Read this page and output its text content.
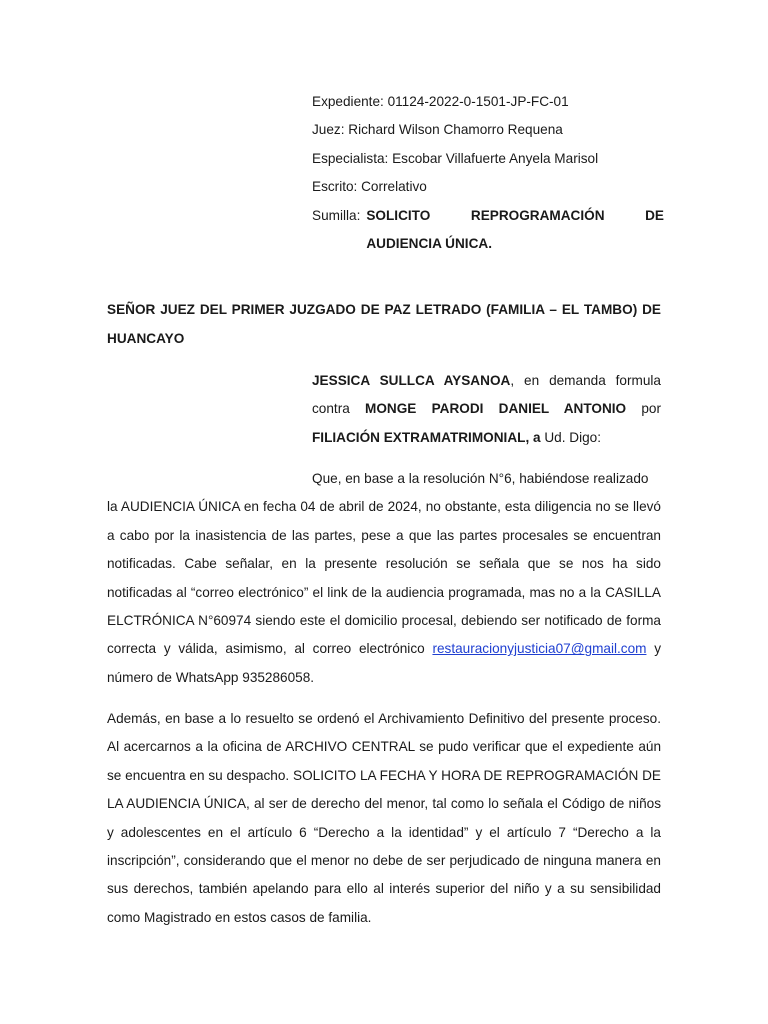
Expediente: 01124-2022-0-1501-JP-FC-01
Juez: Richard Wilson Chamorro Requena
Especialista: Escobar Villafuerte Anyela Marisol
Escrito: Correlativo
Sumilla: SOLICITO REPROGRAMACIÓN DE AUDIENCIA ÚNICA.
SEÑOR JUEZ DEL PRIMER JUZGADO DE PAZ LETRADO (FAMILIA – EL TAMBO) DE HUANCAYO
JESSICA SULLCA AYSANOA, en demanda formula contra MONGE PARODI DANIEL ANTONIO por FILIACIÓN EXTRAMATRIMONIAL, a Ud. Digo:
Que, en base a la resolución N°6, habiéndose realizado
la AUDIENCIA ÚNICA en fecha 04 de abril de 2024, no obstante, esta diligencia no se llevó a cabo por la inasistencia de las partes, pese a que las partes procesales se encuentran notificadas. Cabe señalar, en la presente resolución se señala que se nos ha sido notificadas al “correo electrónico” el link de la audiencia programada, mas no a la CASILLA ELCTRÓNICA N°60974 siendo este el domicilio procesal, debiendo ser notificado de forma correcta y válida, asimismo, al correo electrónico restauracionyjusticia07@gmail.com y número de WhatsApp 935286058.
Además, en base a lo resuelto se ordenó el Archivamiento Definitivo del presente proceso. Al acercarnos a la oficina de ARCHIVO CENTRAL se pudo verificar que el expediente aún se encuentra en su despacho. SOLICITO LA FECHA Y HORA DE REPROGRAMACIÓN DE LA AUDIENCIA ÚNICA, al ser de derecho del menor, tal como lo señala el Código de niños y adolescentes en el artículo 6 “Derecho a la identidad” y el artículo 7 “Derecho a la inscripción”, considerando que el menor no debe de ser perjudicado de ninguna manera en sus derechos, también apelando para ello al interés superior del niño y a su sensibilidad como Magistrado en estos casos de familia.
